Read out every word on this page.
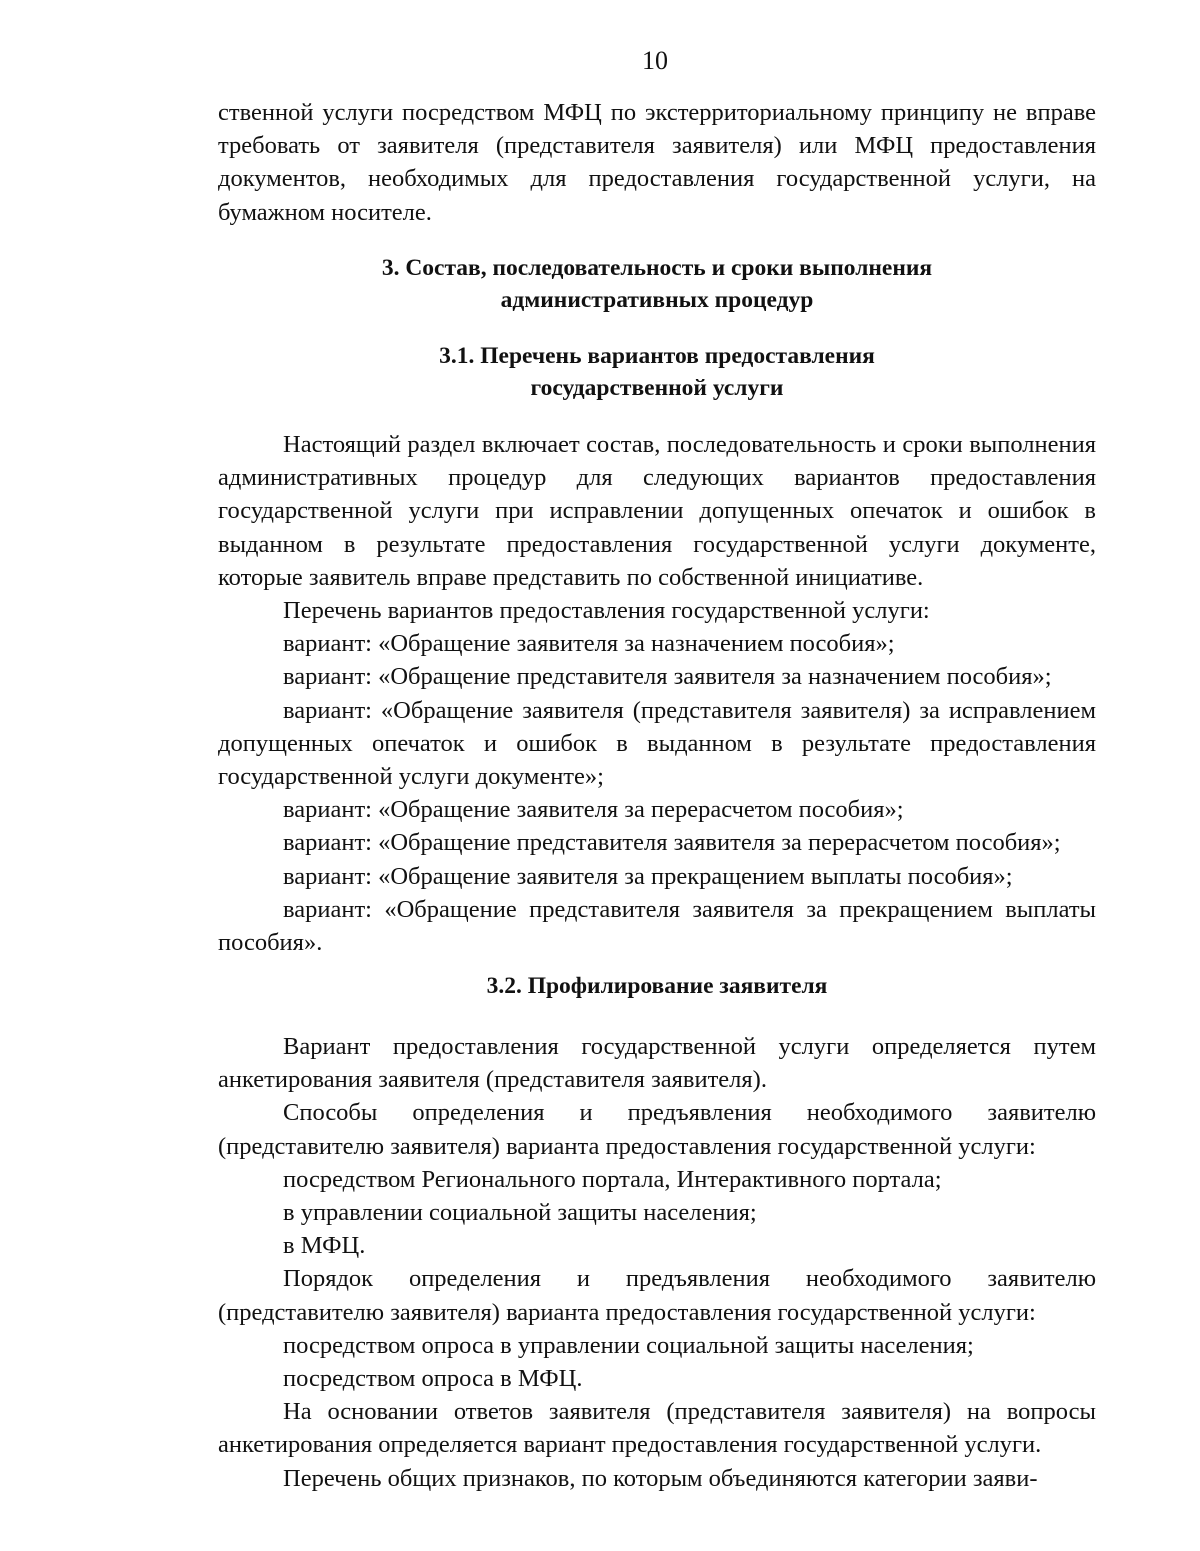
10

ственной услуги посредством МФЦ по экстерриториальному принципу не вправе требовать от заявителя (представителя заявителя) или МФЦ предоставления документов, необходимых для предоставления государственной услуги, на бумажном носителе.

3. Состав, последовательность и сроки выполнения
административных процедур
3.1. Перечень вариантов предоставления
государственной услуги

Настоящий раздел включает состав, последовательность и сроки выполнения административных процедур для следующих вариантов предоставления государственной услуги при исправлении допущенных опечаток и ошибок в выданном в результате предоставления государственной услуги документе, которые заявитель вправе представить по собственной инициативе.

Перечень вариантов предоставления государственной услуги:

вариант: «Обращение заявителя за назначением пособия»;

вариант: «Обращение представителя заявителя за назначением пособия»;

вариант: «Обращение заявителя (представителя заявителя) за исправлением допущенных опечаток и ошибок в выданном в результате предоставления государственной услуги документе»;

вариант: «Обращение заявителя за перерасчетом пособия»;

вариант: «Обращение представителя заявителя за перерасчетом пособия»;

вариант: «Обращение заявителя за прекращением выплаты пособия»;

вариант: «Обращение представителя заявителя за прекращением выплаты пособия».

3.2. Профилирование заявителя

Вариант предоставления государственной услуги определяется путем анкетирования заявителя (представителя заявителя).

Способы определения и предъявления необходимого заявителю (представителю заявителя) варианта предоставления государственной услуги:

посредством Регионального портала, Интерактивного портала;

в управлении социальной защиты населения;

в МФЦ.

Порядок определения и предъявления необходимого заявителю (представителю заявителя) варианта предоставления государственной услуги:

посредством опроса в управлении социальной защиты населения;

посредством опроса в МФЦ.

На основании ответов заявителя (представителя заявителя) на вопросы анкетирования определяется вариант предоставления государственной услуги.

Перечень общих признаков, по которым объединяются категории заяви-
